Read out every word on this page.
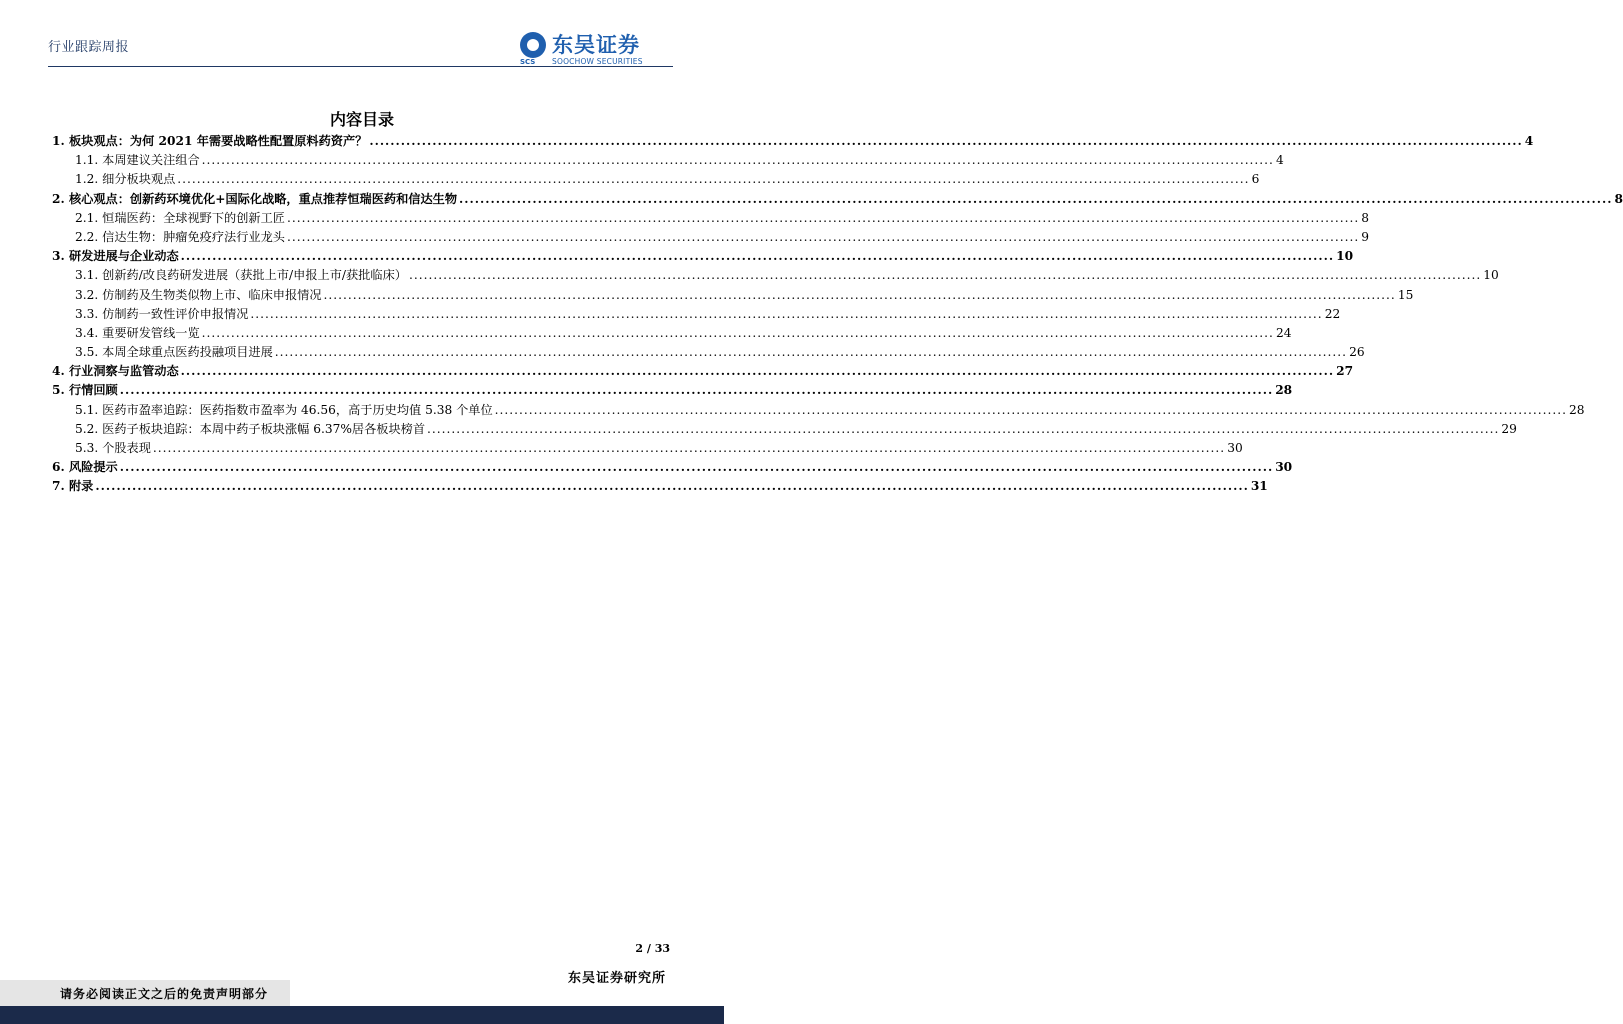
行业跟踪周报
SCS
东吴证券
SOOCHOW SECURITIES
内容目录
1. 板块观点：为何 2021 年需要战略性配置原料药资产？ ............................................................................................................................................................................................................................ 4
1.1. 本周建议关注组合 ............................................................................................................................................................................................................................ 4
1.2. 细分板块观点 ............................................................................................................................................................................................................................ 6
2. 核心观点：创新药环境优化+国际化战略，重点推荐恒瑞医药和信达生物 ............................................................................................................................................................................................................................ 8
2.1. 恒瑞医药：全球视野下的创新工匠 ............................................................................................................................................................................................................................ 8
2.2. 信达生物：肿瘤免疫疗法行业龙头 ............................................................................................................................................................................................................................ 9
3. 研发进展与企业动态 ............................................................................................................................................................................................................................ 10
3.1. 创新药/改良药研发进展（获批上市/申报上市/获批临床） ............................................................................................................................................................................................................................ 10
3.2. 仿制药及生物类似物上市、临床申报情况 ............................................................................................................................................................................................................................ 15
3.3. 仿制药一致性评价申报情况 ............................................................................................................................................................................................................................ 22
3.4. 重要研发管线一览 ............................................................................................................................................................................................................................ 24
3.5. 本周全球重点医药投融项目进展 ............................................................................................................................................................................................................................ 26
4. 行业洞察与监管动态 ............................................................................................................................................................................................................................ 27
5. 行情回顾 ............................................................................................................................................................................................................................ 28
5.1. 医药市盈率追踪：医药指数市盈率为 46.56，高于历史均值 5.38 个单位 ............................................................................................................................................................................................................................ 28
5.2. 医药子板块追踪：本周中药子板块涨幅 6.37%居各板块榜首 ............................................................................................................................................................................................................................ 29
5.3. 个股表现 ............................................................................................................................................................................................................................ 30
6. 风险提示 ............................................................................................................................................................................................................................ 30
7. 附录 ............................................................................................................................................................................................................................ 31
2 / 33
东吴证券研究所
请务必阅读正文之后的免责声明部分
